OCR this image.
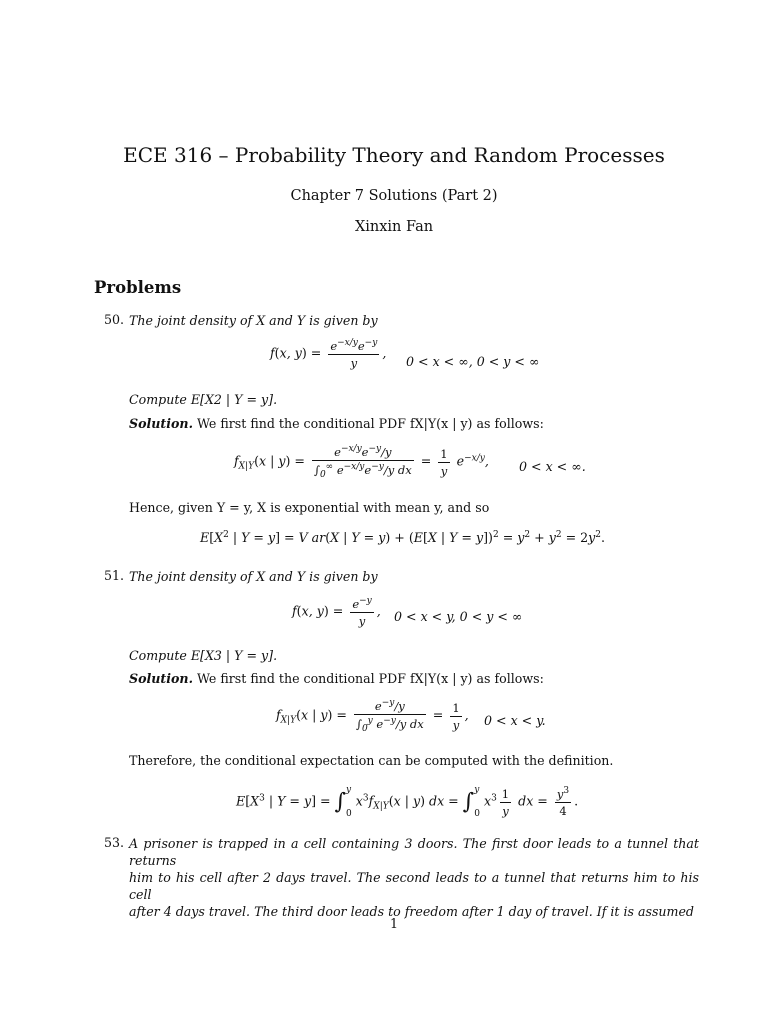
ECE 316 – Probability Theory and Random Processes
Chapter 7 Solutions (Part 2)
Xinxin Fan
Problems
50. The joint density of X and Y is given by
f(x, $y) = \frac{e^{-x/y}e^{-y}}{y}$ ,
0 < x < ∞, 0 < y < ∞
Compute E[X2 | Y = y].
Solution. We first find the conditional PDF fX|Y(x | y) as follows:
$f_{X|Y}(x$ | $y) = \frac{e^{-x/y}e^{-y}/y}{\int_0^\infty e^{-x/y}e^{-y}/y dx} = \frac{1}{y} e^{-x/y}$, 0 < x < ∞.
Hence, given Y = y, X is exponential with mean y, and so
$E[X^2$ | Y = y] = V ar(X | Y = y) + (E[X | $Y = y])^2 = y^2 + y^2 = 2y^2$.
51. The joint density of X and Y is given by
f(x, $y) = \frac{e^{-y}}{y}$ , 0 < x < y, 0 < y < ∞
Compute E[X3 | Y = y].
Solution. We first find the conditional PDF fX|Y(x | y) as follows:
$f_{X|Y}(x$ | $y) = \frac{e^{-y}/y}{\int_0^y e^{-y}/y dx} = \frac{1}{y}$ , 0 < x < y.
Therefore, the conditional expectation can be computed with the definition.
$E[X^3$ | Y = y] = ∫ y
0
$x^3f_{X|Y}(x$ | y) dx = ∫ y
0
$x^3 \frac{1}{y}$ dx = $\frac{y^3}{4}$ .
53. A prisoner is trapped in a cell containing 3 doors. The first door leads to a tunnel that returns
him to his cell after 2 days travel. The second leads to a tunnel that returns him to his cell
after 4 days travel. The third door leads to freedom after 1 day of travel. If it is assumed
1
